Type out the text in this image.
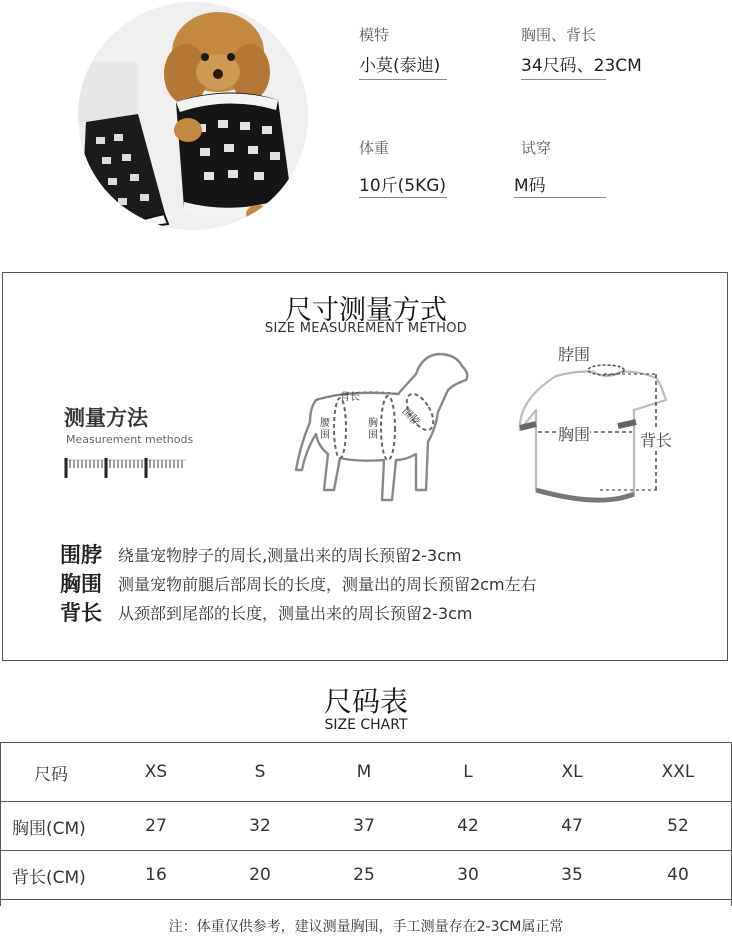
模特
小莫(泰迪)
胸围、背长
34尺码、23CM
体重
10斤(5KG)
试穿
M码
尺寸测量方式
SIZE MEASUREMENT METHOD
测量方法
Measurement methods
背长
腰围
胸围
围脖
脖围
胸围	背长
围脖 绕量宠物脖子的周长,测量出来的周长预留2-3cm
胸围 测量宠物前腿后部周长的长度，测量出的周长预留2cm左右
背长 从颈部到尾部的长度，测量出来的周长预留2-3cm
尺码表
SIZE CHART
尺码	XS	S	M	L	XL	XXL
胸围(CM)	27	32	37	42	47	52
背长(CM)	16	20	25	30	35	40
注：体重仅供参考，建议测量胸围，手工测量存在2-3CM属正常
